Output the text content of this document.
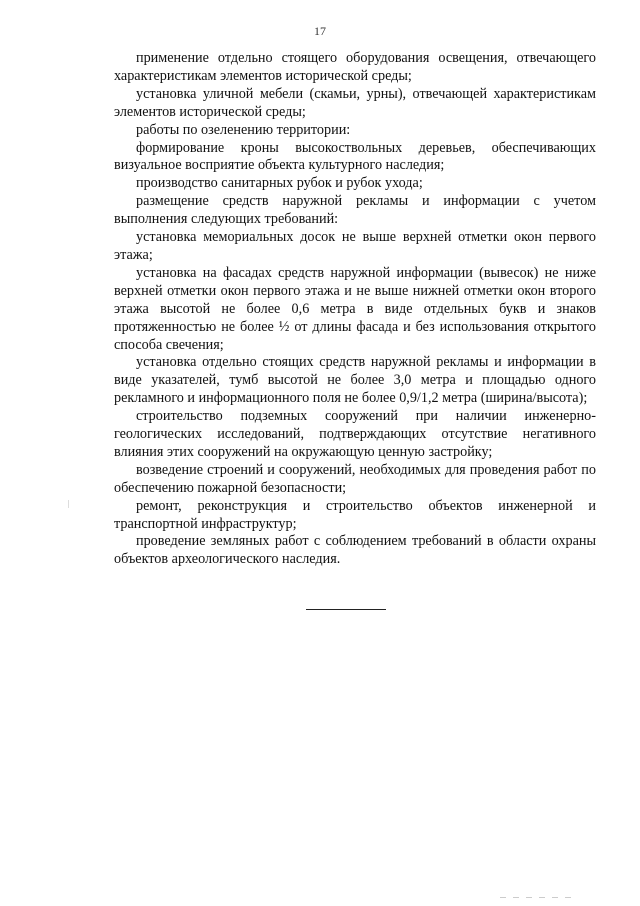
17

применение отдельно стоящего оборудования освещения, отвечающего характеристикам элементов исторической среды;

установка уличной мебели (скамьи, урны), отвечающей характеристикам элементов исторической среды;

работы по озеленению территории:

формирование кроны высокоствольных деревьев, обеспечивающих визуальное восприятие объекта культурного наследия;

производство санитарных рубок и рубок ухода;

размещение средств наружной рекламы и информации с учетом выполнения следующих требований:

установка мемориальных досок не выше верхней отметки окон первого этажа;

установка на фасадах средств наружной информации (вывесок) не ниже верхней отметки окон первого этажа и не выше нижней отметки окон второго этажа высотой не более 0,6 метра в виде отдельных букв и знаков протяженностью не более ½ от длины фасада и без использования открытого способа свечения;

установка отдельно стоящих средств наружной рекламы и информации в виде указателей, тумб высотой не более 3,0 метра и площадью одного рекламного и информационного поля не более 0,9/1,2 метра (ширина/высота);

строительство подземных сооружений при наличии инженерно-геологических исследований, подтверждающих отсутствие негативного влияния этих сооружений на окружающую ценную застройку;

возведение строений и сооружений, необходимых для проведения работ по обеспечению пожарной безопасности;

ремонт, реконструкция и строительство объектов инженерной и транспортной инфраструктур;

проведение земляных работ с соблюдением требований в области охраны объектов археологического наследия.
